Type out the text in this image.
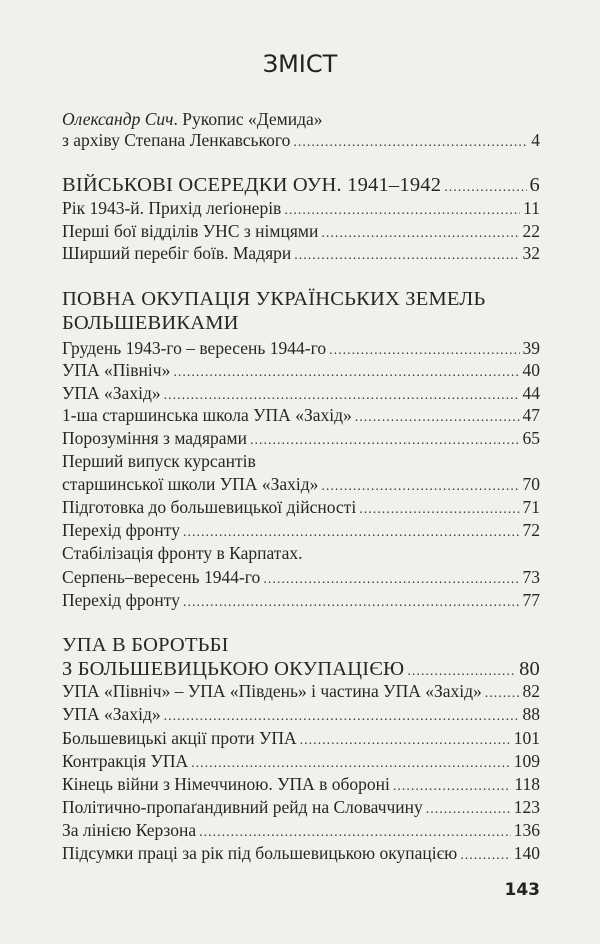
ЗМІСТ
Олександр Сич. Рукопис «Демида»
з архіву Степана Ленкавського .....	4
ВІЙСЬКОВІ ОСЕРЕДКИ ОУН. 1941–1942 .....	6
Рік 1943-й. Прихід леґіонерів .....	11
Перші бої відділів УНС з німцями .....	22
Ширший перебіг боїв. Мадяри .....	32
ПОВНА ОКУПАЦІЯ УКРАЇНСЬКИХ ЗЕМЕЛЬ
БОЛЬШЕВИКАМИ
Грудень 1943-го – вересень 1944-го .....	39
УПА «Північ» .....	40
УПА «Захід» .....	44
1-ша старшинська школа УПА «Захід» .....	47
Порозуміння з мадярами .....	65
Перший випуск курсантів
старшинської школи УПА «Захід» .....	70
Підготовка до большевицької дійсності .....	71
Перехід фронту .....	72
Стабілізація фронту в Карпатах.
Серпень–вересень 1944-го .....	73
Перехід фронту .....	77
УПА В БОРОТЬБІ
З БОЛЬШЕВИЦЬКОЮ ОКУПАЦІЄЮ .....	80
УПА «Північ» – УПА «Південь» і частина УПА «Захід» ..... 82
УПА «Захід» .....	88
Большевицькі акції проти УПА .....	101
Контракція УПА .....	109
Кінець війни з Німеччиною. УПА в обороні .....	118
Політично-пропаґандивний рейд на Словаччину .....	123
За лінією Керзона .....	136
Підсумки праці за рік під большевицькою окупацією .....	140
143
